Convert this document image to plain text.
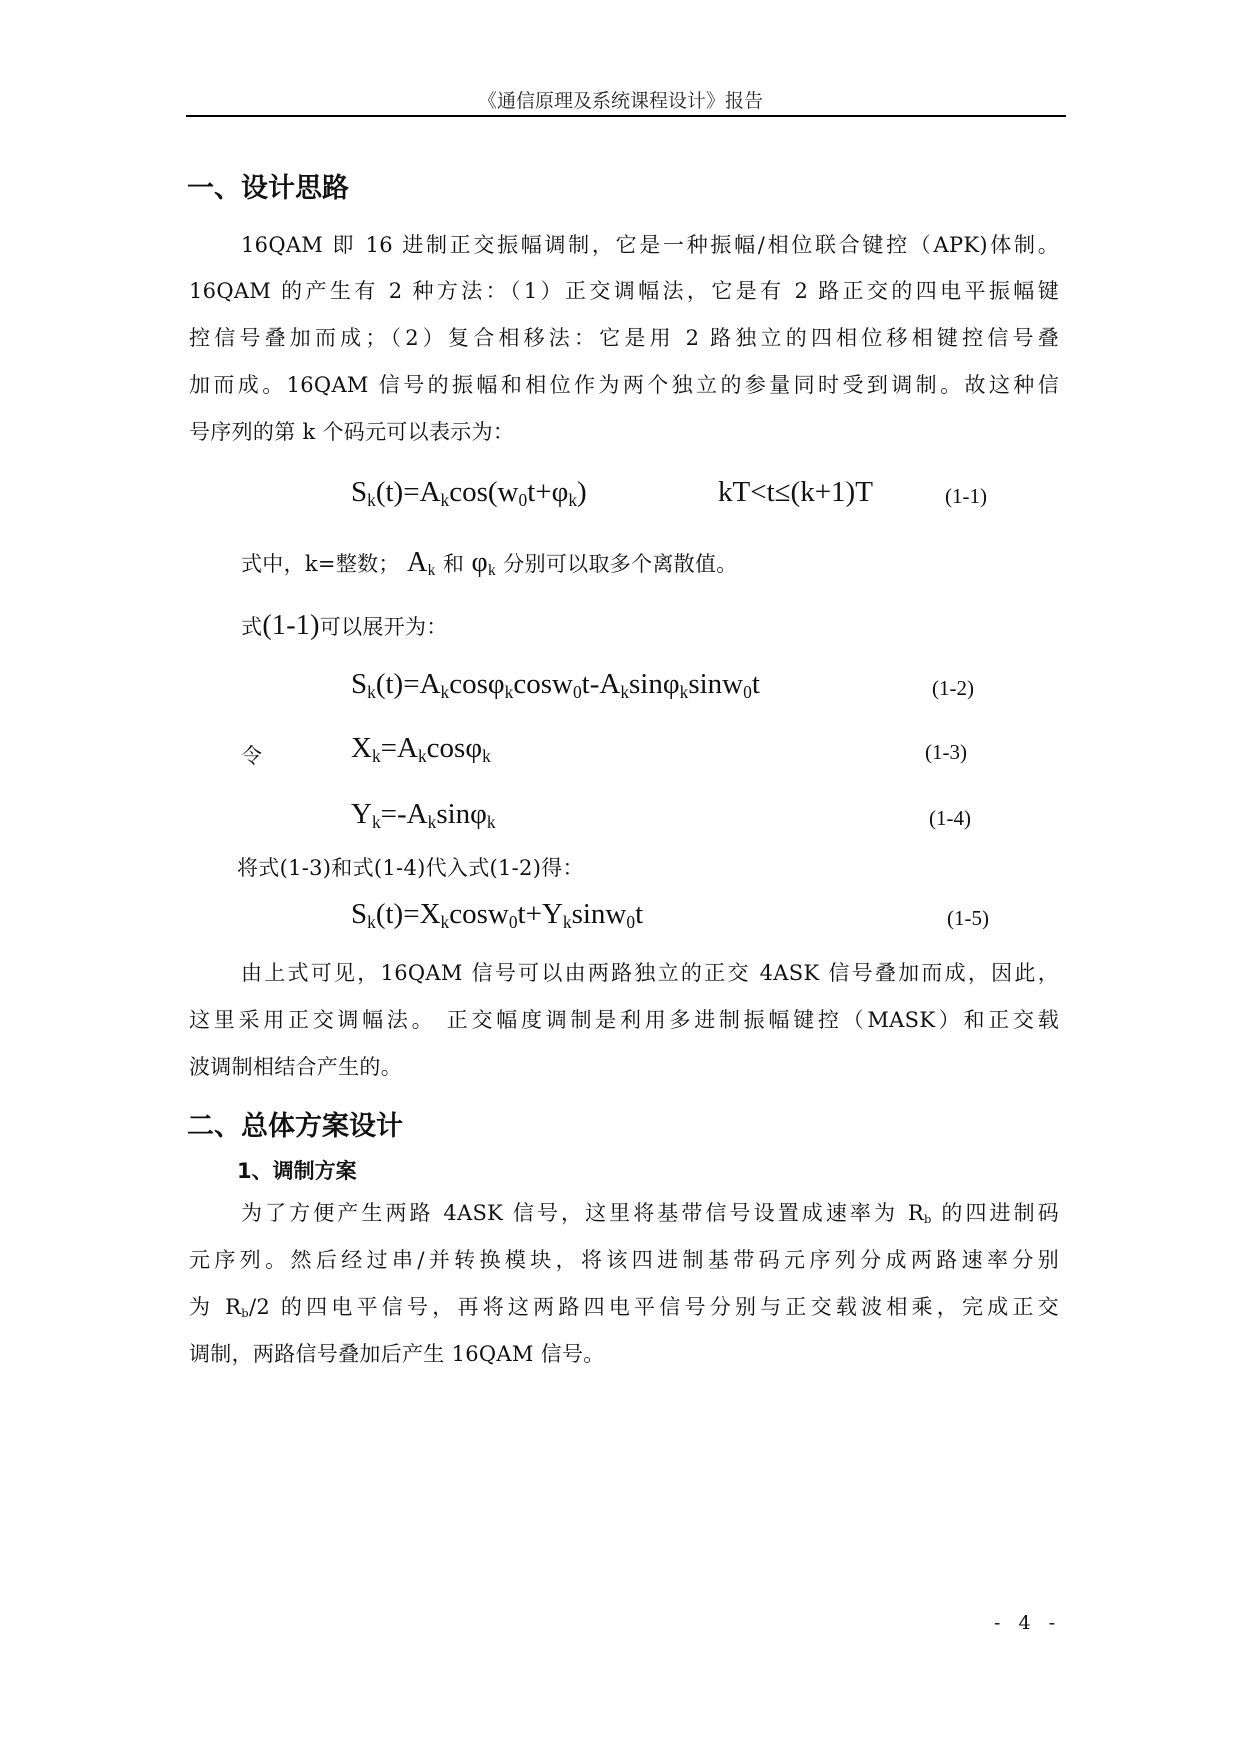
《通信原理及系统课程设计》报告
一、设计思路
16QAM 即 16 进制正交振幅调制，它是一种振幅/相位联合键控（APK)体制。
16QAM 的产生有 2 种方法：（1）正交调幅法，它是有 2 路正交的四电平振幅键
控信号叠加而成；（2）复合相移法：它是用 2 路独立的四相位移相键控信号叠
加而成。16QAM 信号的振幅和相位作为两个独立的参量同时受到调制。故这种信
号序列的第 k 个码元可以表示为：
$S_k(t)=A_k\cos(w_0t+\varphi_k)$	kT<t≤(k+1)T	(1-1)
式中，k=整数； Ak 和 φk 分别可以取多个离散值。
式(1-1)可以展开为：
$S_k(t)=A_k\cos\varphi_k\cos w_0t-A_k\sin\varphi_k\sin w_0t$	(1-2)
令	$X_k=A_k\cos\varphi_k$	(1-3)
$Y_k=-A_k\sin\varphi_k$	(1-4)
将式(1-3)和式(1-4)代入式(1-2)得：
$S_k(t)=X_k\cos w_0t+Y_k\sin w_0t$	(1-5)
由上式可见，16QAM 信号可以由两路独立的正交 4ASK 信号叠加而成，因此，
这里采用正交调幅法。 正交幅度调制是利用多进制振幅键控（MASK）和正交载
波调制相结合产生的。
二、总体方案设计
1、调制方案
为了方便产生两路 4ASK 信号，这里将基带信号设置成速率为 Rb 的四进制码
元序列。然后经过串/并转换模块，将该四进制基带码元序列分成两路速率分别
为 Rb/2 的四电平信号，再将这两路四电平信号分别与正交载波相乘，完成正交
调制，两路信号叠加后产生 16QAM 信号。
- 4 -
